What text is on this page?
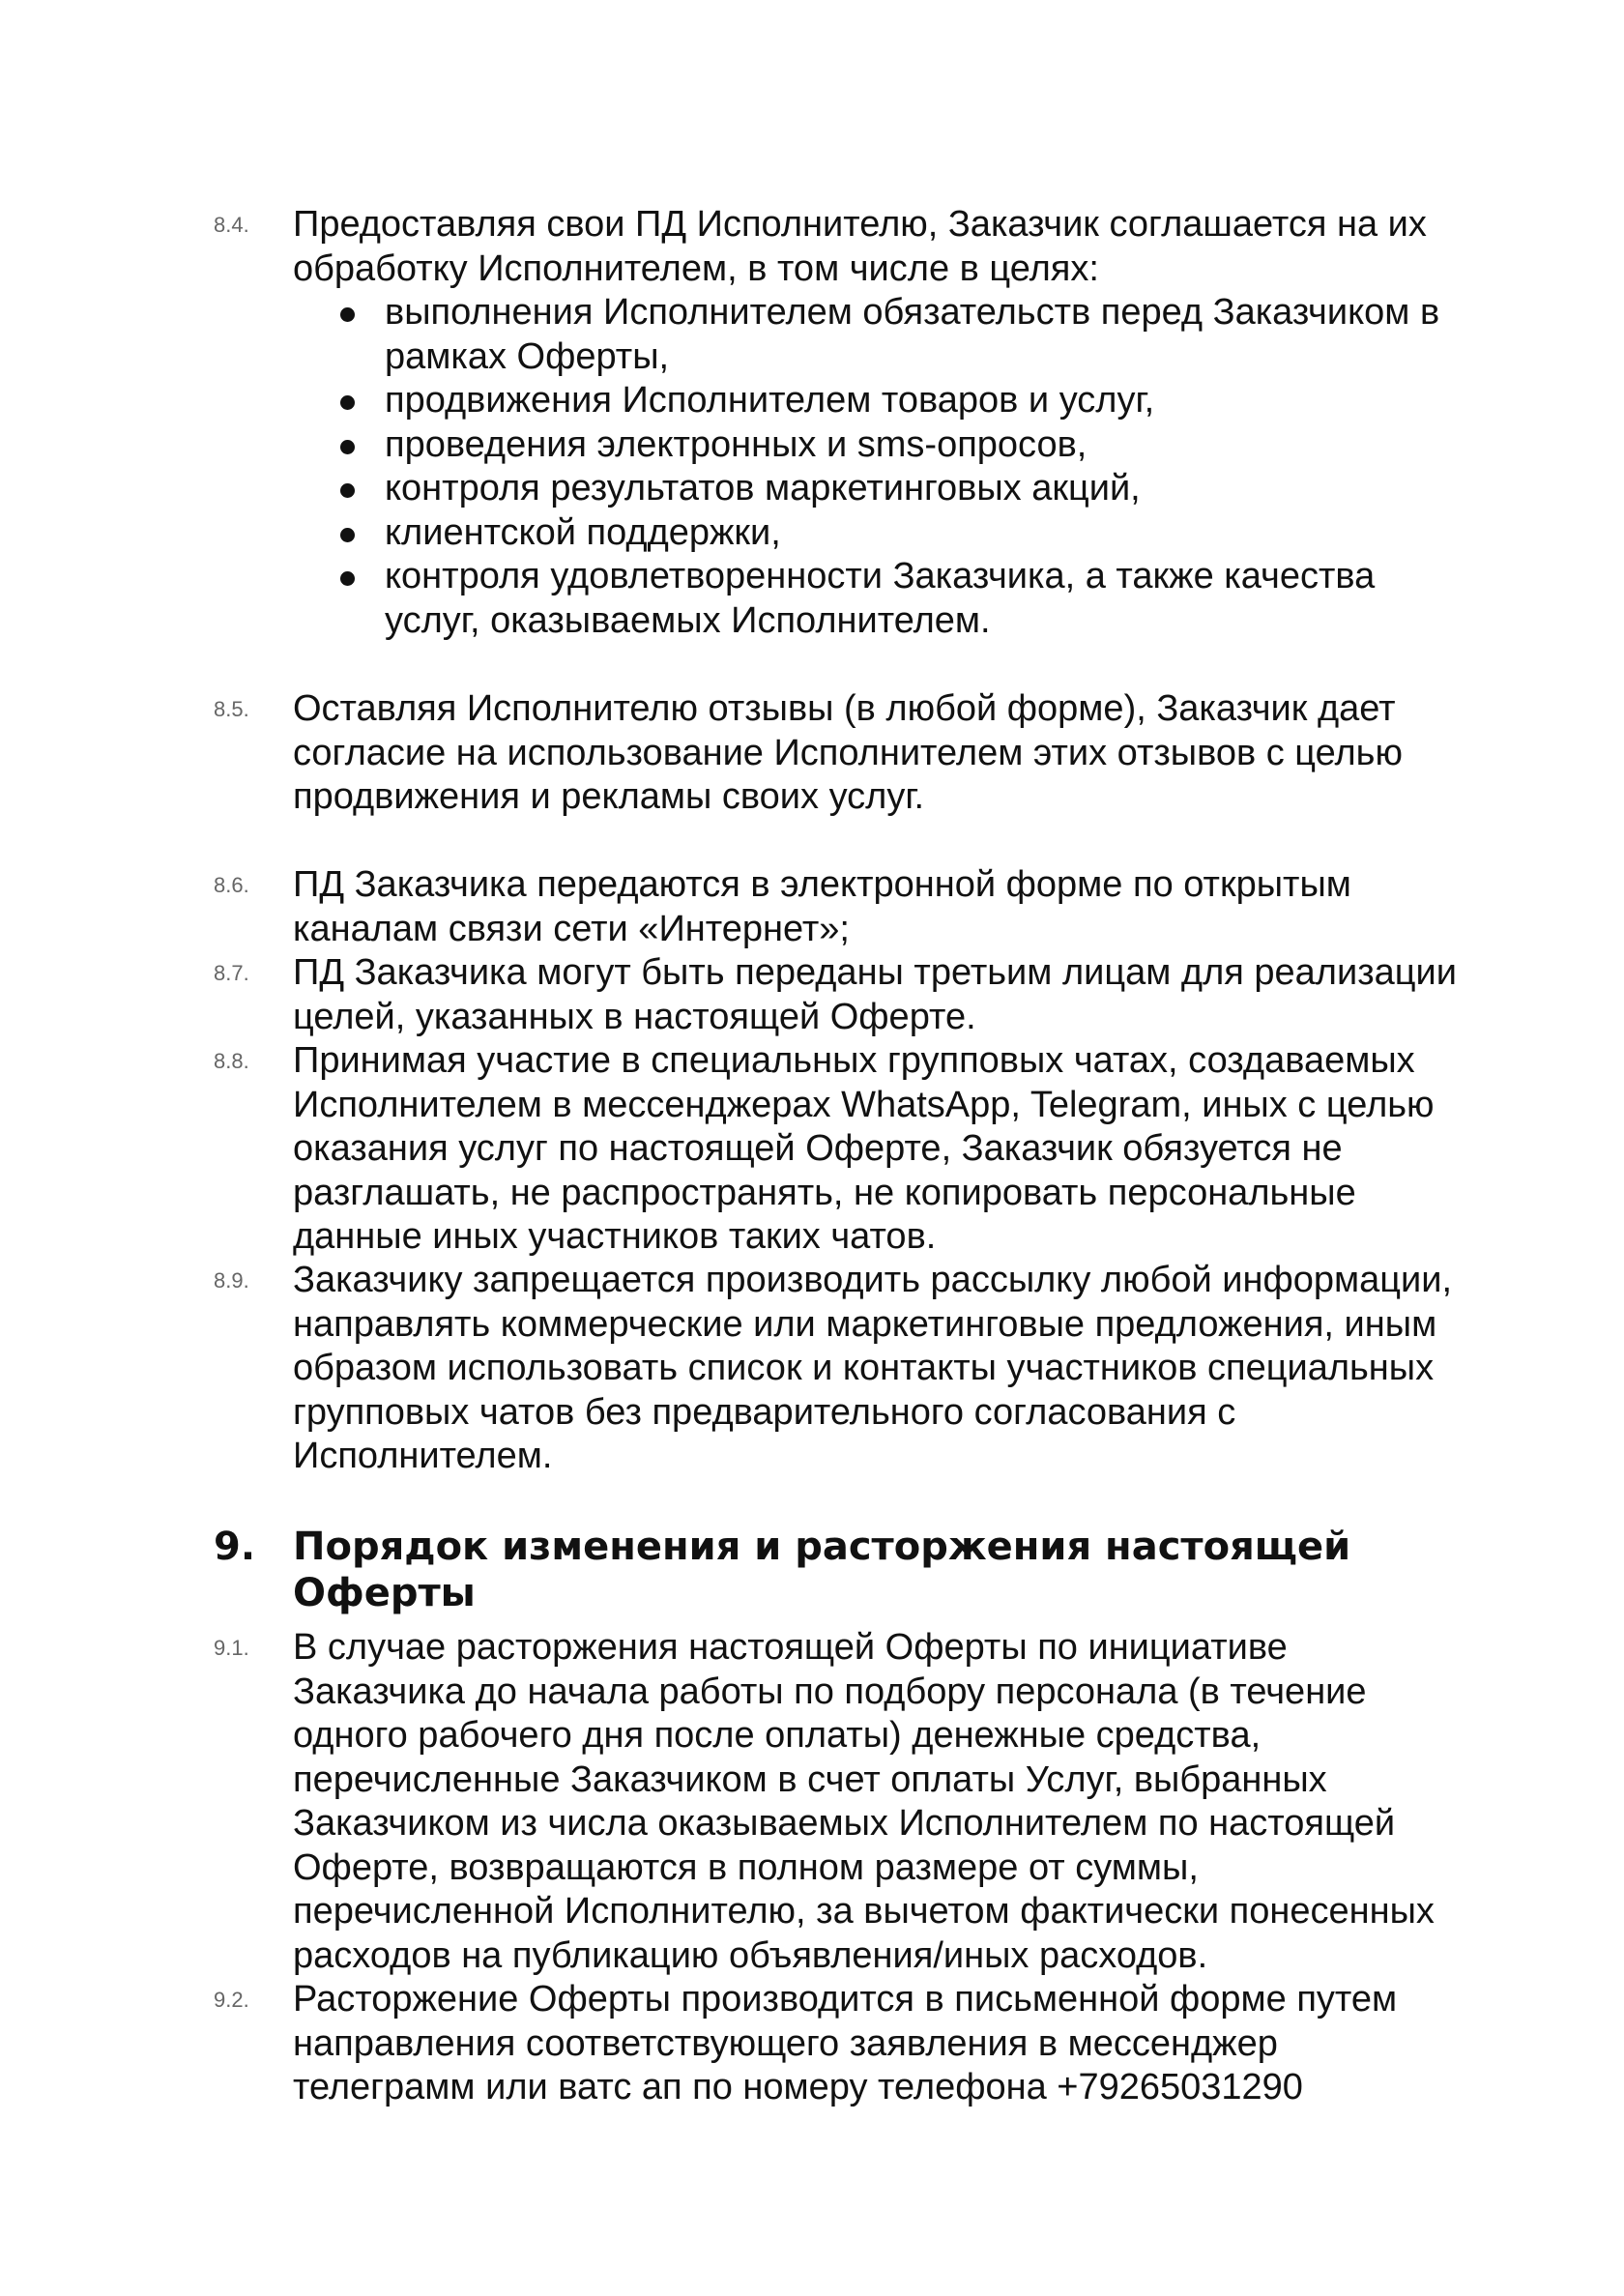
8.4. Предоставляя свои ПД Исполнителю, Заказчик соглашается на их
обработку Исполнителем, в том числе в целях:
выполнения Исполнителем обязательств перед Заказчиком в
рамках Оферты,
продвижения Исполнителем товаров и услуг,
проведения электронных и sms-опросов,
контроля результатов маркетинговых акций,
клиентской поддержки,
контроля удовлетворенности Заказчика, а также качества
услуг, оказываемых Исполнителем.
8.5. Оставляя Исполнителю отзывы (в любой форме), Заказчик дает
согласие на использование Исполнителем этих отзывов с целью
продвижения и рекламы своих услуг.
8.6. ПД Заказчика передаются в электронной форме по открытым
каналам связи сети «Интернет»;
8.7. ПД Заказчика могут быть переданы третьим лицам для реализации
целей, указанных в настоящей Оферте.
8.8. Принимая участие в специальных групповых чатах, создаваемых
Исполнителем в мессенджерах WhatsApp, Telegram, иных с целью
оказания услуг по настоящей Оферте, Заказчик обязуется не
разглашать, не распространять, не копировать персональные
данные иных участников таких чатов.
8.9. Заказчику запрещается производить рассылку любой информации,
направлять коммерческие или маркетинговые предложения, иным
образом использовать список и контакты участников специальных
групповых чатов без предварительного согласования с
Исполнителем.
9. Порядок изменения и расторжения настоящей
Оферты
9.1. В случае расторжения настоящей Оферты по инициативе
Заказчика до начала работы по подбору персонала (в течение
одного рабочего дня после оплаты) денежные средства,
перечисленные Заказчиком в счет оплаты Услуг, выбранных
Заказчиком из числа оказываемых Исполнителем по настоящей
Оферте, возвращаются в полном размере от суммы,
перечисленной Исполнителю, за вычетом фактически понесенных
расходов на публикацию объявления/иных расходов.
9.2. Расторжение Оферты производится в письменной форме путем
направления соответствующего заявления в мессенджер
телеграмм или ватс ап по номеру телефона +79265031290
